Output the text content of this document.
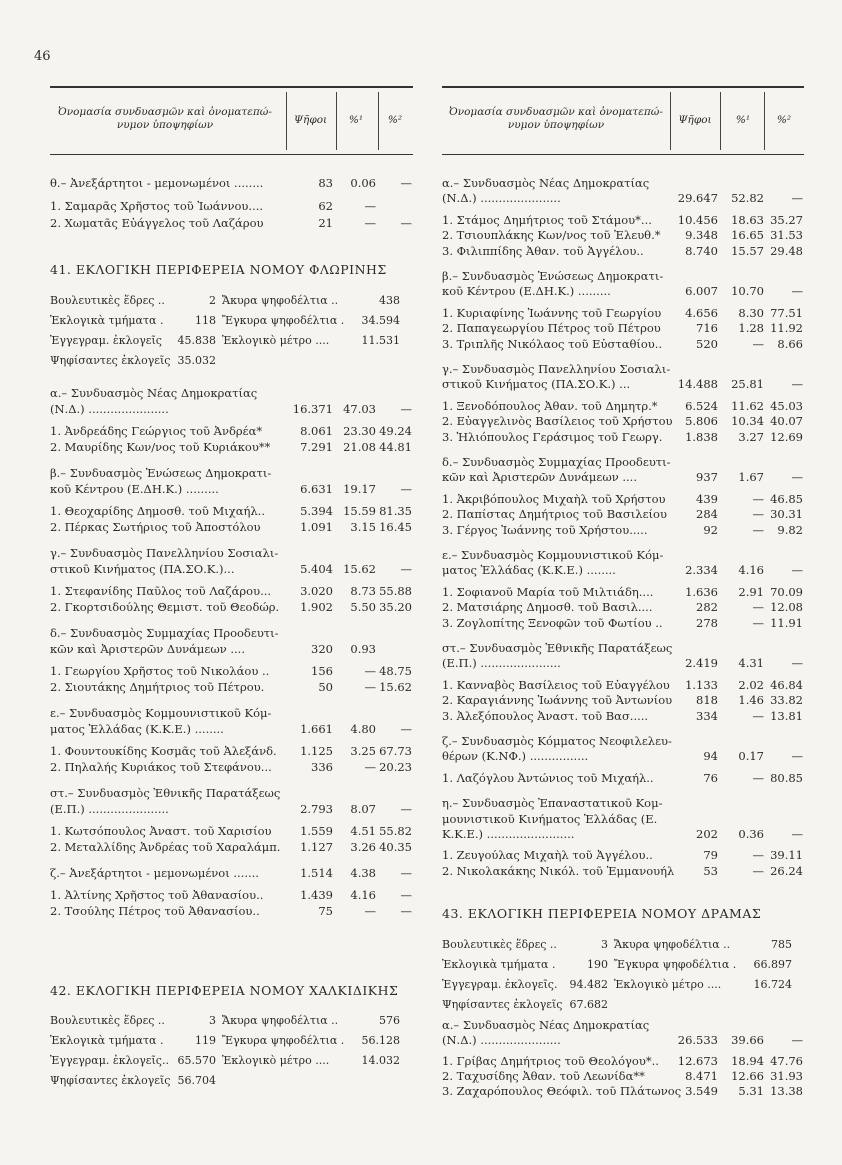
46
Ὀνομασία συνδυασμῶν καὶ ὀνοματεπώ- νυμον ὑποψηφίων	Ψῆφοι	%¹	%²
θ.– Ἀνεξάρτητοι - μεμονωμένοι ........	83	0.06	—
1. Σαμαρᾶς Χρῆστος τοῦ Ἰωάννου....	62	—
2. Χωματᾶς Εὐάγγελος τοῦ Λαζάρου	21	—	—
41. ΕΚΛΟΓΙΚΗ ΠΕΡΙΦΕΡΕΙΑ ΝΟΜΟΥ ΦΛΩΡΙΝΗΣ
Βουλευτικὲς ἕδρες ..	2 Ἄκυρα ψηφοδέλτια ..	438
Ἐκλογικὰ τμήματα .	118 Ἔγκυρα ψηφοδέλτια .	34.594
Ἐγγεγραμ. ἐκλογεῖς	45.838 Ἐκλογικὸ μέτρο ....	11.531
Ψηφίσαντες ἐκλογεῖς 35.032
α.– Συνδυασμὸς Νέας Δημοκρατίας
(Ν.Δ.) ......................	16.371 47.03	—
1. Ἀνδρεάδης Γεώργιος τοῦ Ἀνδρέα*	8.061 23.30 49.24
2. Μαυρίδης Κων/νος τοῦ Κυριάκου**	7.291 21.08 44.81
β.– Συνδυασμὸς Ἑνώσεως Δημοκρατι-
κοῦ Κέντρου (Ε.ΔΗ.Κ.) .........	6.631 19.17	—
1. Θεοχαρίδης Δημοσθ. τοῦ Μιχαήλ..	5.394 15.59 81.35
2. Πέρκας Σωτήριος τοῦ Ἀποστόλου	1.091	3.15 16.45
γ.– Συνδυασμὸς Πανελληνίου Σοσιαλι-
στικοῦ Κινήματος (ΠΑ.ΣΟ.Κ.)...	5.404 15.62	—
1. Στεφανίδης Παῦλος τοῦ Λαζάρου...	3.020	8.73 55.88
2. Γκορτσιδούλης Θεμιστ. τοῦ Θεοδώρ.	1.902	5.50 35.20
δ.– Συνδυασμὸς Συμμαχίας Προοδευτι-
κῶν καὶ Ἀριστερῶν Δυνάμεων ....	320	0.93
1. Γεωργίου Χρῆστος τοῦ Νικολάου ..	156	— 48.75
2. Σιουτάκης Δημήτριος τοῦ Πέτρου.	50	— 15.62
ε.– Συνδυασμὸς Κομμουνιστικοῦ Κόμ-
ματος Ἑλλάδας (Κ.Κ.Ε.) ........	1.661	4.80	—
1. Φουντουκίδης Κοσμᾶς τοῦ Ἀλεξάνδ.	1.125	3.25 67.73
2. Πηλαλής Κυριάκος τοῦ Στεφάνου...	336	— 20.23
στ.– Συνδυασμὸς Ἐθνικῆς Παρατάξεως
(Ε.Π.) ......................	2.793	8.07	—
1. Κωτσόπουλος Ἀναστ. τοῦ Χαρισίου	1.559	4.51 55.82
2. Μεταλλίδης Ἀνδρέας τοῦ Χαραλάμπ.	1.127	3.26 40.35
ζ.– Ἀνεξάρτητοι - μεμονωμένοι .......	1.514	4.38	—
1. Ἀλτίνης Χρῆστος τοῦ Ἀθανασίου..	1.439	4.16	—
2. Τσούλης Πέτρος τοῦ Ἀθανασίου..	75	—	—
42. ΕΚΛΟΓΙΚΗ ΠΕΡΙΦΕΡΕΙΑ ΝΟΜΟΥ ΧΑΛΚΙΔΙΚΗΣ
Βουλευτικὲς ἕδρες ..	3 Ἄκυρα ψηφοδέλτια ..	576
Ἐκλογικὰ τμήματα .	119 Ἔγκυρα ψηφοδέλτια .	56.128
Ἐγγεγραμ. ἐκλογεῖς.. 65.570 Ἐκλογικὸ μέτρο ....	14.032
Ψηφίσαντες ἐκλογεῖς 56.704
Ὀνομασία συνδυασμῶν καὶ ὀνοματεπώ- νυμον ὑποψηφίων	Ψῆφοι	%¹	%²
α.– Συνδυασμὸς Νέας Δημοκρατίας
(Ν.Δ.) ......................	29.647	52.82	—
1. Στάμος Δημήτριος τοῦ Στάμου*...	10.456	18.63 35.27
2. Τσιουπλάκης Κων/νος τοῦ Ἐλευθ.*	9.348	16.65 31.53
3. Φιλιππίδης Ἀθαν. τοῦ Ἀγγέλου..	8.740	15.57 29.48
β.– Συνδυασμὸς Ἑνώσεως Δημοκρατι-
κοῦ Κέντρου (Ε.ΔΗ.Κ.) .........	6.007	10.70	—
1. Κυριαφίνης Ἰωάννης τοῦ Γεωργίου	4.656	8.30 77.51
2. Παπαγεωργίου Πέτρος τοῦ Πέτρου	716	1.28 11.92
3. Τριπλῆς Νικόλαος τοῦ Εὐσταθίου..	520	—	8.66
γ.– Συνδυασμὸς Πανελληνίου Σοσιαλι-
στικοῦ Κινήματος (ΠΑ.ΣΟ.Κ.) ...	14.488	25.81	—
1. Ξενοδόπουλος Ἀθαν. τοῦ Δημητρ.*	6.524	11.62 45.03
2. Εὐαγγελινὸς Βασίλειος τοῦ Χρήστου	5.806	10.34 40.07
3. Ἡλιόπουλος Γεράσιμος τοῦ Γεωργ.	1.838	3.27 12.69
δ.– Συνδυασμὸς Συμμαχίας Προοδευτι-
κῶν καὶ Ἀριστερῶν Δυνάμεων ....	937	1.67	—
1. Ἀκριβόπουλος Μιχαὴλ τοῦ Χρήστου	439	— 46.85
2. Παπίστας Δημήτριος τοῦ Βασιλείου	284	— 30.31
3. Γέργος Ἰωάννης τοῦ Χρήστου.....	92	—	9.82
ε.– Συνδυασμὸς Κομμουνιστικοῦ Κόμ-
ματος Ἑλλάδας (Κ.Κ.Ε.) ........	2.334	4.16	—
1. Σοφιανοῦ Μαρία τοῦ Μιλτιάδη....	1.636	2.91 70.09
2. Ματσιάρης Δημοσθ. τοῦ Βασιλ....	282	— 12.08
3. Ζογλοπίτης Ξενοφῶν τοῦ Φωτίου ..	278	— 11.91
στ.– Συνδυασμὸς Ἐθνικῆς Παρατάξεως
(Ε.Π.) ......................	2.419	4.31	—
1. Κανναβὸς Βασίλειος τοῦ Εὐαγγέλου	1.133	2.02 46.84
2. Καραγιάννης Ἰωάννης τοῦ Ἀντωνίου	818	1.46 33.82
3. Ἀλεξόπουλος Ἀναστ. τοῦ Βασ.....	334	— 13.81
ζ.– Συνδυασμὸς Κόμματος Νεοφιλελευ-
θέρων (Κ.ΝΦ.) ................	94	0.17	—
1. Λαζόγλου Ἀντώνιος τοῦ Μιχαήλ..	76	— 80.85
η.– Συνδυασμὸς Ἐπαναστατικοῦ Κομ-
μουνιστικοῦ Κινήματος Ἑλλάδας (Ε.
Κ.Κ.Ε.) ........................	202	0.36	—
1. Ζευγούλας Μιχαὴλ τοῦ Ἀγγέλου..	79	— 39.11
2. Νικολακάκης Νικόλ. τοῦ Ἐμμανουήλ	53	— 26.24
43. ΕΚΛΟΓΙΚΗ ΠΕΡΙΦΕΡΕΙΑ ΝΟΜΟΥ ΔΡΑΜΑΣ
Βουλευτικὲς ἕδρες ..	3 Ἄκυρα ψηφοδέλτια ..	785
Ἐκλογικὰ τμήματα .	190 Ἔγκυρα ψηφοδέλτια .	66.897
Ἐγγεγραμ. ἐκλογεῖς.	94.482 Ἐκλογικὸ μέτρο ....	16.724
Ψηφίσαντες ἐκλογεῖς 67.682
α.– Συνδυασμὸς Νέας Δημοκρατίας
(Ν.Δ.) ......................	26.533	39.66	—
1. Γρίβας Δημήτριος τοῦ Θεολόγου*..	12.673	18.94 47.76
2. Ταχυσίδης Ἀθαν. τοῦ Λεωνίδα**	8.471	12.66 31.93
3. Ζαχαρόπουλος Θεόφιλ. τοῦ Πλάτωνος 3.549	5.31 13.38
